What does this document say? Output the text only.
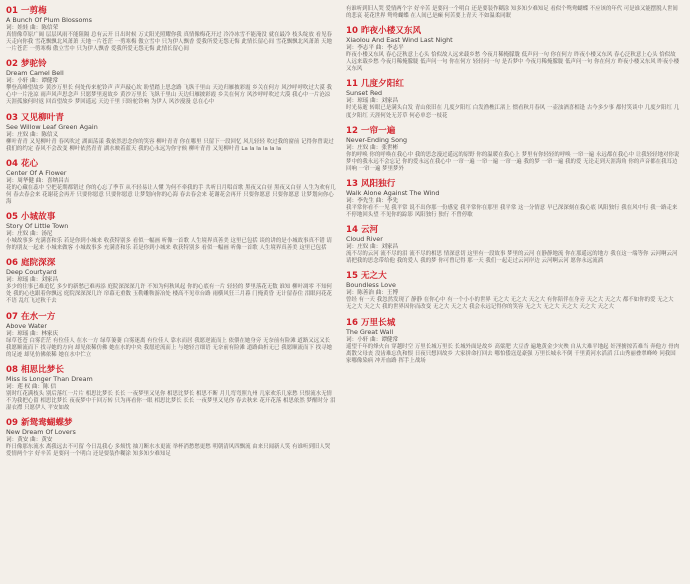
01 一剪梅
A Bunch Of Plum Blossoms
词：娃娃 曲：陈信荣
真情像草原广阔 层层风雨不能阻隔 总有云开 日出时候 万丈阳光照耀你我 真情像梅花开过 冷冷冰雪不能淹没 就在最冷 枝头绽放 看见春天走向你我 雪花飘飘北风萧萧 天地一片苍茫 一剪寒梅 傲立雪中 只为伊人飘香 爱我所爱无怨无悔 此情长留心间 雪花飘飘北风萧萧 天地一片苍茫 一剪寒梅 傲立雪中 只为伊人飘香 爱我所爱无怨无悔 此情长留心间
02 梦驼铃
Dream Camel Bell
词：小轩 曲：谭健常
攀登高峰望故乡 黄沙万里长 何处传来驼铃声 声声敲心坎 盼望踏上思念路 飞纵千里山 天边归雁披彩霞 乡关在何方 风沙呼呼吹过大漠 我心中一片沧凉 雨声风声思念声 只愿梦里返故乡 黄沙万里长 飞纵千里山 天边归雁披彩霞 乡关在何方 风沙呼呼吹过大漠 我心中一片沧凉 天涯孤旅何时返 回首望故乡 梦回遥远 天边千里 只盼驼铃响 为伊人 风沙漫漫 总在心中
03 又见柳叶青
See Willow Leaf Green Again
词：庄奴 曲：陈信义
柳叶青青 又见柳叶青 春风吹过 湖面荡漾 我依然思念你的笑容 柳叶青青 你在哪里 只留下一段回忆 风儿轻轻 吹过我的窗前 记得你曾说过 我们的约定 春风不会改变 柳叶依然青青 湖水映着蓝天 我的心永远为你守候 柳叶青青 又见柳叶青 La la la la la la
04 花心
Center Of A Flower
词：周华健 曲：喜纳昌吉
花的心藏在蕊中 空把花期都错过 你的心忘了季节 从不轻易让人懂 为何不牵我的手 共听日月唱首歌 黑夜又白昼 黑夜又白昼 人生为欢有几何 春去春会来 花谢花会再开 只要你愿意 只要你愿意 让梦划向你的心海 春去春会来 花谢花会再开 只要你愿意 只要你愿意 让梦划向你心海
05 小城故事
Story Of Little Town
词：庄奴 曲：汤尼
小城故事多 充满喜和乐 若是你到小城来 收获特别多 看似一幅画 听像一首歌 人生境界真善美 这里已包括 谈的讲的是小城故事真不错 请你的朋友一起来 小城来做客 小城故事多 充满喜和乐 若是你到小城来 收获特别多 看似一幅画 听像一首歌 人生境界真善美 这里已包括
06 庭院深深
Deep Courtyard
词：琼瑶 曲：刘家昌
多少的往事已难追忆 多少的新愁已难再添 庭院深深深几许 不知为何秋风起 你的心底有一片 轻轻的 梦里落花无数 谁知 柳叶凋零 不知何处 我的心也跟着你飘远 庭院深深深几许 帘幕无重数 玉勒雕鞍游冶处 楼高不见章台路 雨横风狂三月暮 门掩黄昏 无计留春住 泪眼问花花不语 乱红飞过秋千去
07 在水一方
Above Water
词：琼瑶 曲：林家庆
绿草苍苍 白雾茫茫 有位佳人 在水一方 绿草萋萋 白雾迷离 有位佳人 靠水而居 我愿逆流而上 依偎在她身旁 无奈前有险滩 道路又远又长 我愿顺流而下 找寻她的方向 却见依稀仿佛 她在水的中央 我愿逆流而上 与她轻言细语 无奈前有险滩 道路曲折无已 我愿顺流而下 找寻她的足迹 却见仿佛依稀 她在水中伫立
08 相思比梦长
Miss Is Longer Than Dream
词：莲 权 曲：陈 信
别时红花满枝头 别后落红一片片 相思比梦长 长长 一夜梦里又见你 相思比梦长 相思不断 月儿弯弯照九州 几家欢乐几家愁 只恨流水无情 不为我把心留 相思比梦长 夜夜梦中千回万转 只为再看你一眼 相思比梦长 长长 一夜梦里又见你 春去秋来 花开花落 相思依然 梦醒时分 泪湿衣襟 只愿伊人 平安如故
09 新鸳鸯蝴蝶梦
New Dream Of Lovers
词：黄安 曲：黄安
昨日像那东流水 离我远去不可留 今日乱我心 多烦忧 抽刀断水水更流 举杯消愁愁更愁 明朝清风四飘流 由来只闻新人笑 有谁听到旧人哭 爱情两个字 好辛苦 是要问一个明白 还是要装作糊涂 知多知少难知足
有谁听到旧人哭 爱情两个字 好辛苦 是要问一个明白 还是要装作糊涂 知多知少难知足 看似个鸳鸯蝴蝶 不应该的年代 可是谁又能摆脱人世间的悲哀 花花世界 鸳鸯蝴蝶 在人间已是癫 何苦要上青天 不如温柔同眠
10 昨夜小楼又东风
Xiaolou And East Wind Last Night
词：李志平 曲：李志平
昨夜小楼又东风 春心泛秋意上心头 恰似故人远来载乡愁 今夜月稀掩朦胧 低声问一句 你在何方 昨夜小楼又东风 春心泛秋意上心头 恰似故人远来载乡愁 今夜月稀掩朦胧 低声问一句 你在何方 轻轻问一句 是否梦中 今夜月稀掩朦胧 低声问一句 你在何方 昨夜小楼又东风 昨夜小楼又东风
11 几度夕阳红
Sunset Red
词：琼瑶 曲：刘家昌
时光易逝 转眼已是满头白发 青山依旧在 几度夕阳红 白发渔樵江渚上 惯看秋月春风 一壶浊酒喜相逢 古今多少事 都付笑谈中 几度夕阳红 几度夕阳红 天涯何处无芳草 何必单恋一枝花
12 一帘一遍
Never-Ending Song
词：庄奴 曲：张世彬
你的呼唤 你的呼唤在我心中 我的思念漫过遥远的原野 你的温暖在我心上 梦里有你轻轻的呼唤 一帘一遍 永远都在我心中 让我轻轻地对你说 梦中的我永远不会忘记 你的爱永远在我心中 一帘一遍 一帘一遍 一帘一遍 我的梦 一帘一遍 我的爱 无论走到天涯海角 你的声音都在我耳边回响 一帘一遍 梦里梦外
13 风阳独行
Walk Alone Against The Wind
词：李先生 曲：李先
我平常你看不一见 我平常 说不出你那一份感觉 我平常你在那里 我平常 这一分情意 早已深深刻在我心底 风阳独行 我在风中行 我一路走来 不停地回头望 不见你的踪影 风阳独行 独行 不曾停歇
14 云河
Cloud River
词：庄奴 曲：刘家昌
流不尽的云河 流不尽的泪 流不尽的相思 情深意切 这里有一段故事 梦里的云河 在静静地流 你在那遥远的地方 我在这一端等你 云河啊云河 请把我的思念带给他 我的爱人 我的梦 你可曾记得 那一天 我们一起走过云河岸边 云河啊云河 愿你永远流淌
15 无之大
Boundless Love
词：陈善治 曲：王博
曾经 有一天 我忽然发现了 静静 在你心中 有一个小小的世界 无之大 无之大 天之大 有你陪伴在身旁 天之大 天之大 都不如你的爱 无之大 无之大 天之大 我的世界因你而改变 无之大 天之大 我会永远记得你的笑容 无之大 无之大 天之大 天之大 天之大
16 万里长城
The Great Wall
词：小轩 曲：谭健常
遥望千年的烽火台 穿越时空 万里长城万里长 长城外面是故乡 高粱肥 大豆香 遍地黄金少灾殃 自从大难平地起 奸淫掳掠苦难当 奔他方 骨肉离散父母丧 没齿难忘仇和恨 日夜只想回故乡 大家拼命打回去 哪怕倭寇逞豪强 万里长城永不倒 千里黄河水滔滔 江山秀丽叠翠峰岭 问我国家哪像染病 冲开血路 挥手上战场
